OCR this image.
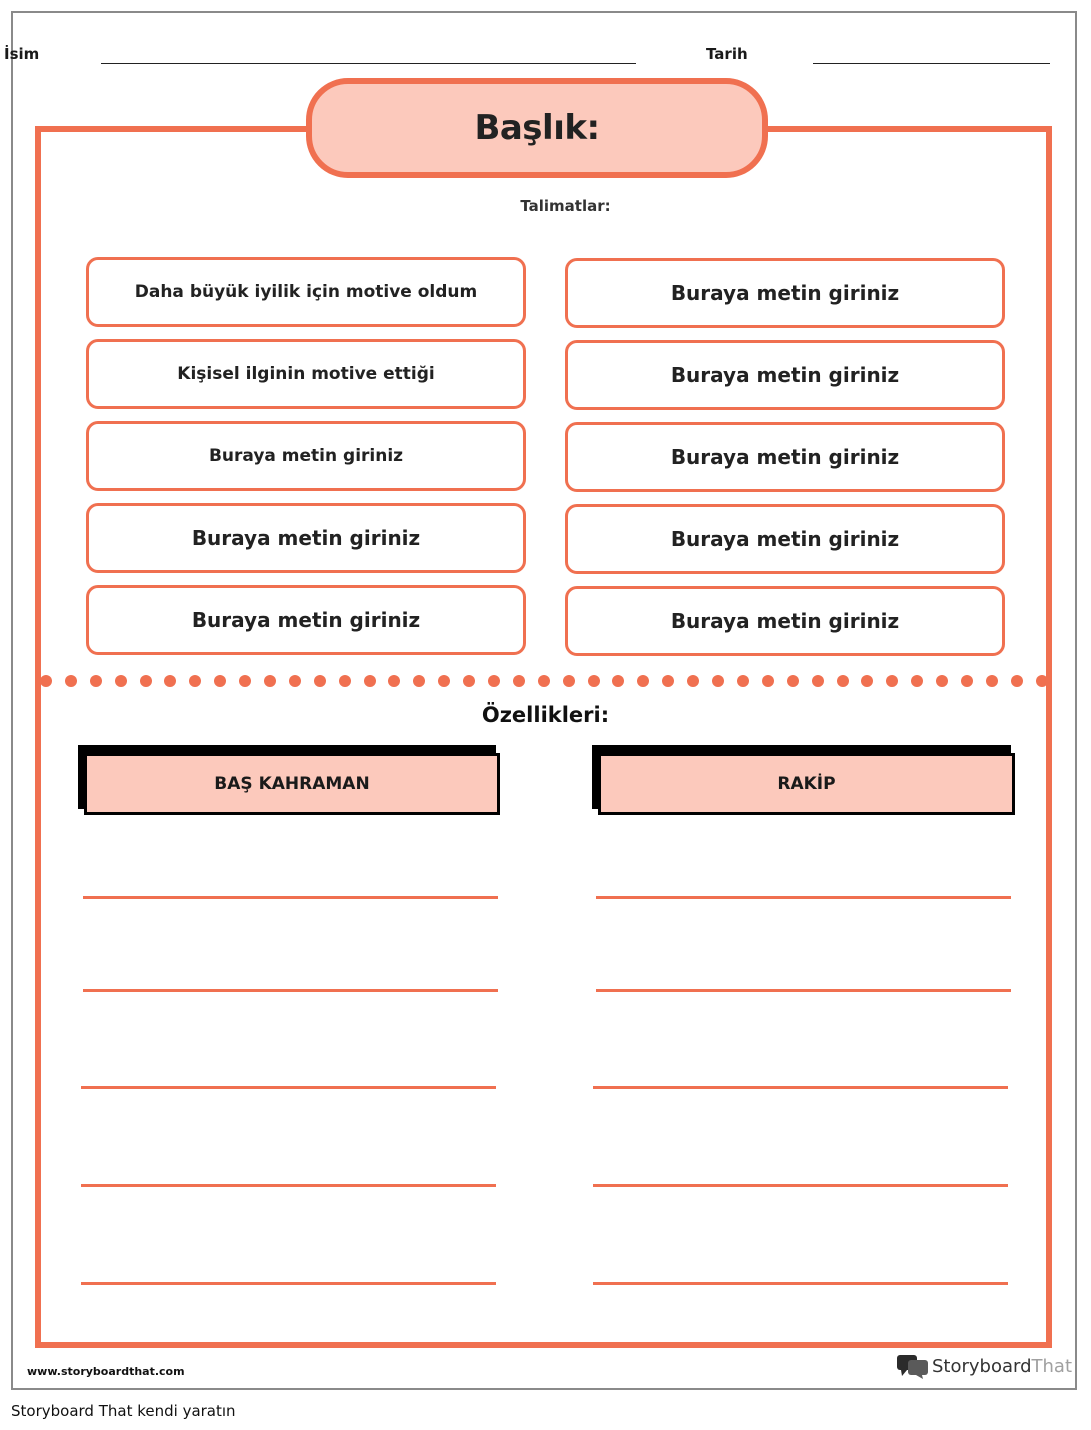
İsim	Tarih
Başlık:
Talimatlar:
Daha büyük iyilik için motive oldum
Kişisel ilginin motive ettiği
Buraya metin giriniz
Buraya metin giriniz
Buraya metin giriniz
Buraya metin giriniz
Buraya metin giriniz
Buraya metin giriniz
Buraya metin giriniz
Buraya metin giriniz
Özellikleri:
BAŞ KAHRAMAN	RAKİP
www.storyboardthat.com	Storyboard That
Storyboard That kendi yaratın
